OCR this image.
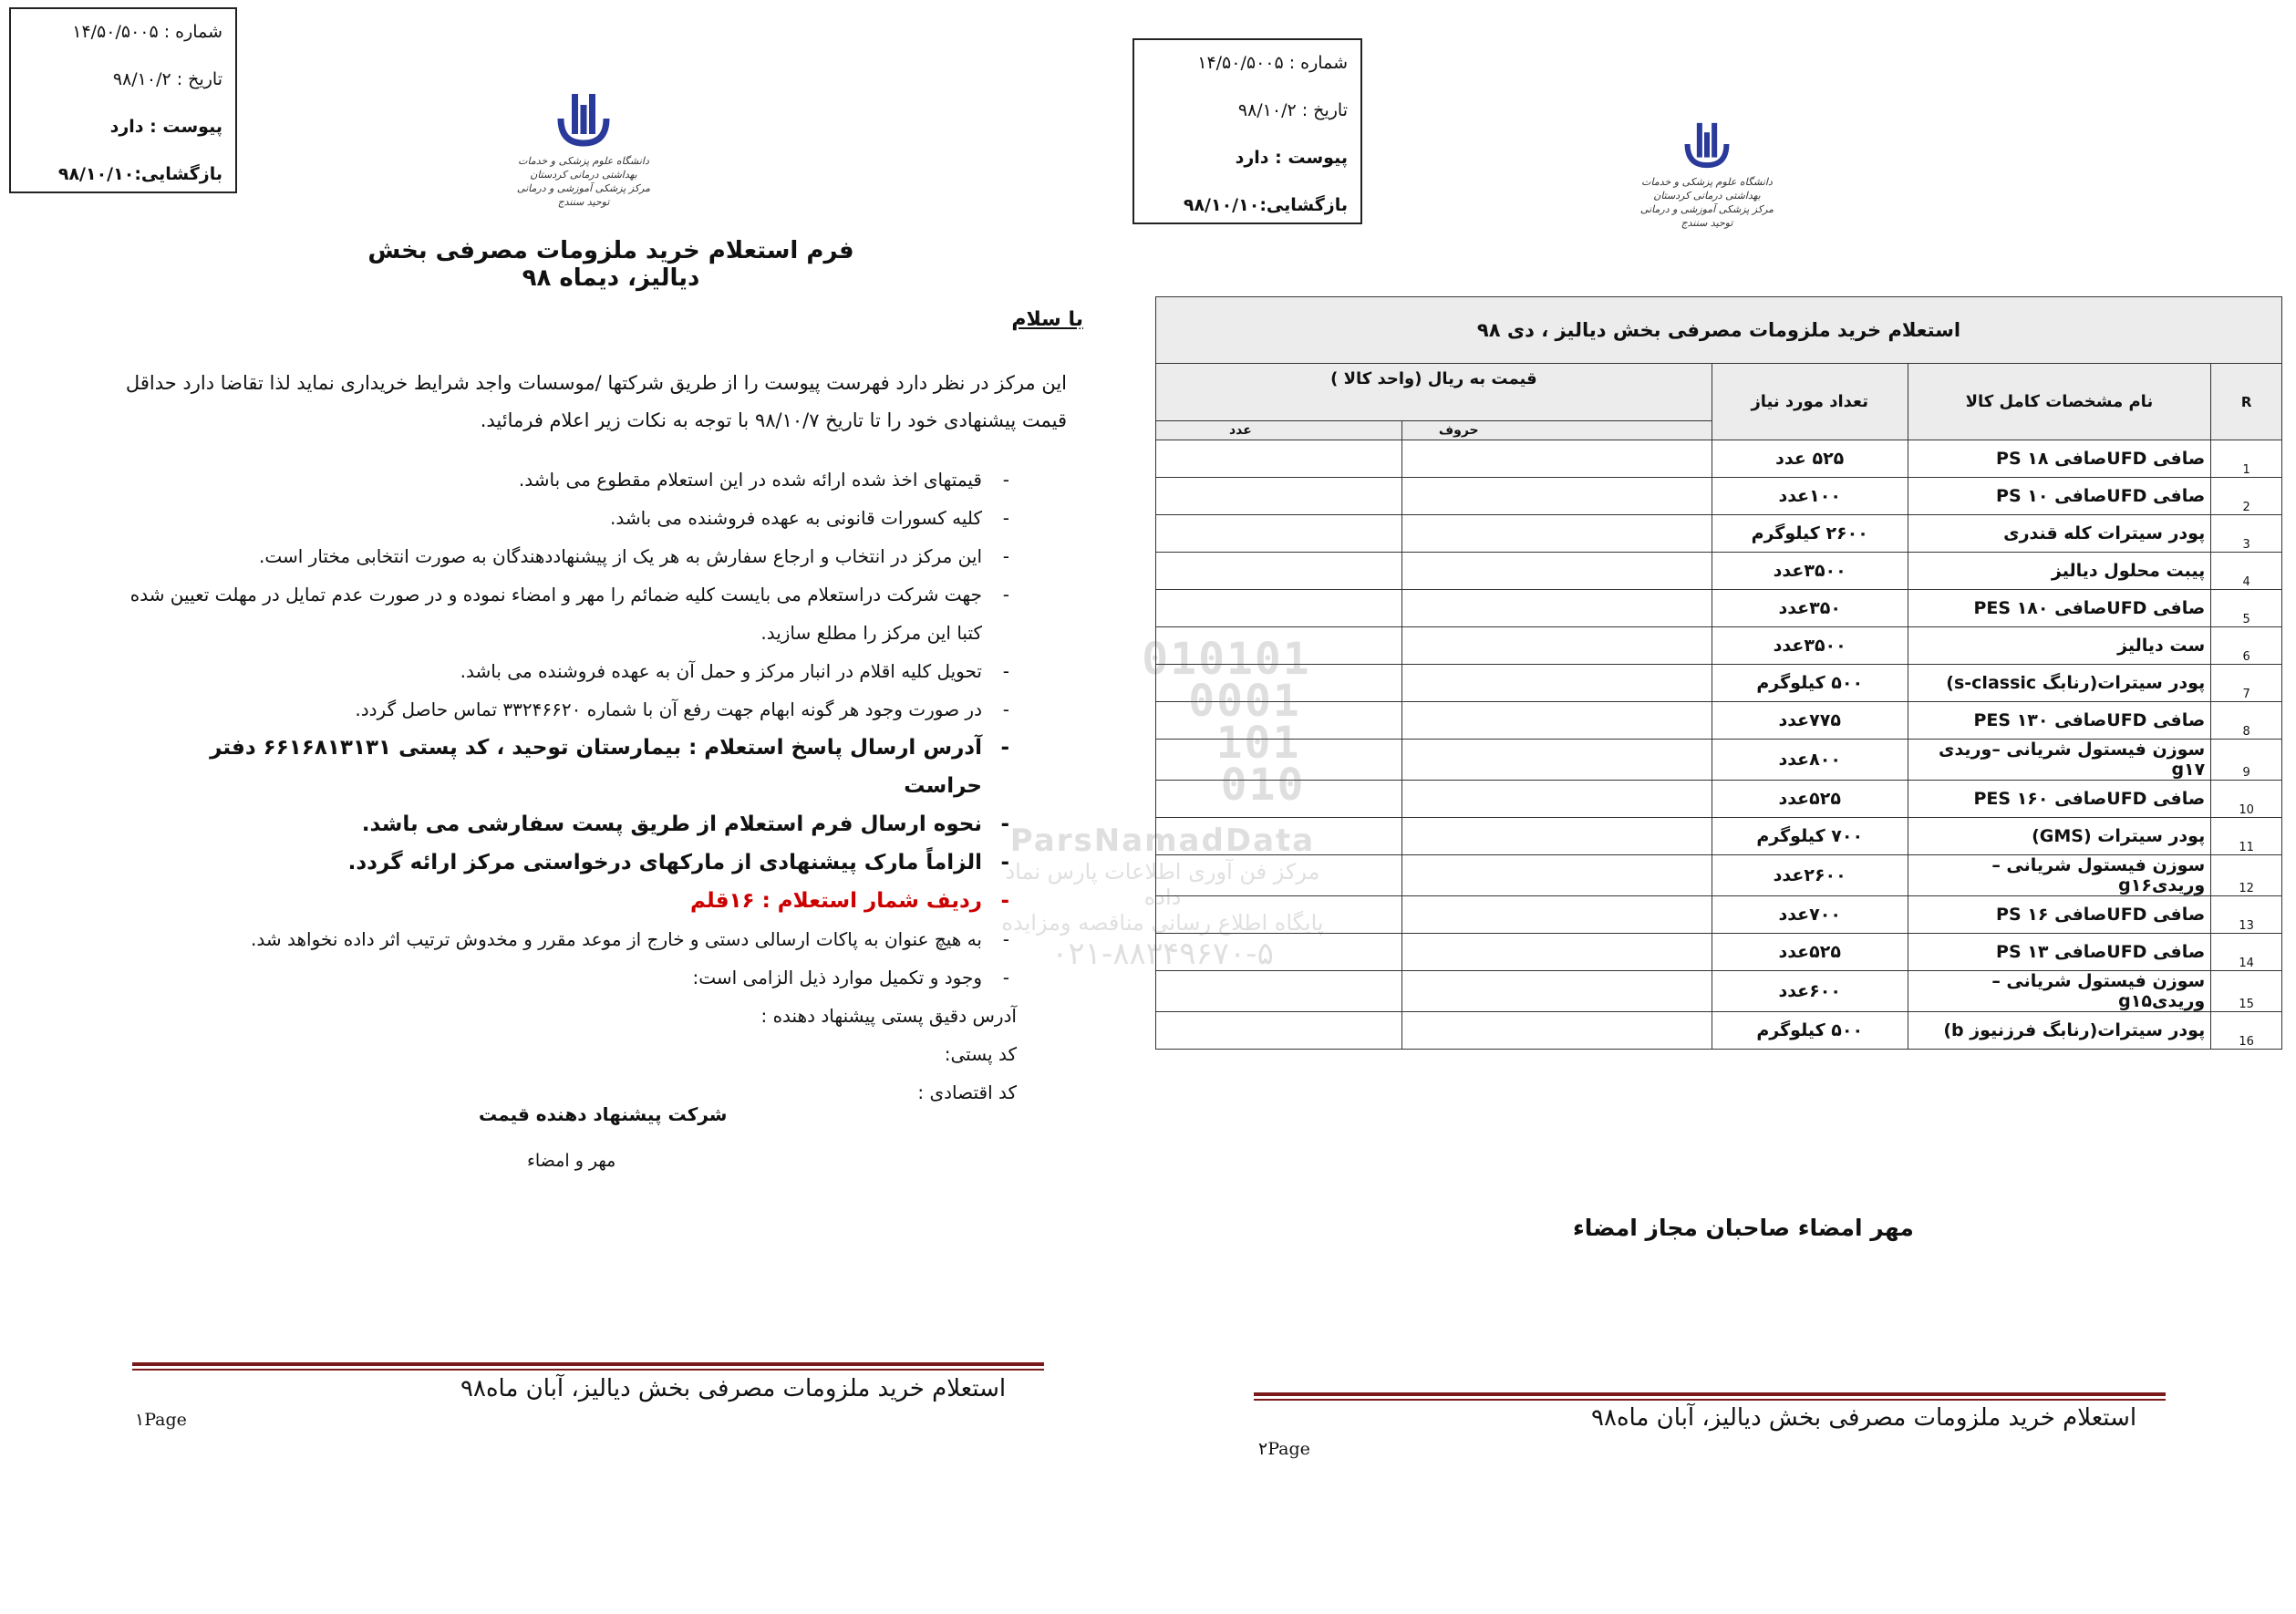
شماره : ۱۴/۵۰/۵۰۰۵
تاریخ : ۹۸/۱۰/۲
پیوست : دارد
بازگشایی:۹۸/۱۰/۱۰
دانشگاه علوم پزشکی و خدمات بهداشتی درمانی کردستان
مرکز پزشکی آموزشی و درمانی توحید سنندج
فرم استعلام خرید ملزومات مصرفی بخش دیالیز، دیماه ۹۸
با سلام
این مرکز در نظر دارد فهرست پیوست را از طریق شرکتها /موسسات واجد شرایط خریداری نماید لذا تقاضا دارد حداقل قیمت پیشنهادی خود را تا تاریخ ۹۸/۱۰/۷ با توجه به نکات زیر اعلام فرمائید.
- قیمتهای اخذ شده ارائه شده در این استعلام مقطوع می باشد.
- کلیه کسورات قانونی به عهده فروشنده می باشد.
- این مرکز در انتخاب و ارجاع سفارش به هر یک از پیشنهاددهندگان به صورت انتخابی مختار است.
- جهت شرکت دراستعلام می بایست کلیه ضمائم را مهر و امضاء نموده و در صورت عدم تمایل در مهلت تعیین شده کتبا این مرکز را مطلع سازید.
- تحویل کلیه اقلام در انبار مرکز و حمل آن به عهده فروشنده می باشد.
- در صورت وجود هر گونه ابهام جهت رفع آن با شماره ۳۳۲۴۶۶۲۰ تماس حاصل گردد.
- آدرس ارسال پاسخ استعلام : بیمارستان توحید ، کد پستی ۶۶۱۶۸۱۳۱۳۱ دفتر حراست
- نحوه ارسال فرم استعلام از طریق پست سفارشی می باشد.
- الزاماً مارک پیشنهادی از مارکهای درخواستی مرکز ارائه گردد.
- ردیف شمار استعلام : ۱۶قلم
- به هیچ عنوان به پاکات ارسالی دستی و خارج از موعد مقرر و مخدوش ترتیب اثر داده نخواهد شد.
- وجود و تکمیل موارد ذیل الزامی است:
آدرس دقیق پستی پیشنهاد دهنده :
کد پستی:
کد اقتصادی :
شرکت پیشنهاد دهنده قیمت
مهر و امضاء
استعلام خرید ملزومات مصرفی بخش دیالیز، آبان ماه۹۸
۱Page
شماره : ۱۴/۵۰/۵۰۰۵
تاریخ : ۹۸/۱۰/۲
پیوست : دارد
بازگشایی:۹۸/۱۰/۱۰
دانشگاه علوم پزشکی و خدمات بهداشتی درمانی کردستان
مرکز پزشکی آموزشی و درمانی توحید سنندج
استعلام خرید ملزومات مصرفی بخش دیالیز ، دی ۹۸				
R	نام مشخصات کامل کالا	تعداد مورد نیاز	قیمت به ریال (واحد کالا )	
			حروف	عدد
1	صافی UFDصافی ۱۸ PS	۵۲۵ عدد		
2	صافی UFDصافی ۱۰ PS	۱۰۰عدد		
3	پودر سیترات کله قندری	۲۶۰۰ کیلوگرم		
4	پیبت محلول دیالیز	۳۵۰۰عدد		
5	صافی UFDصافی ۱۸۰ PES	۳۵۰عدد		
6	ست دیالیز	۳۵۰۰عدد		
7	پودر سیترات(رنابگ s-classic)	۵۰۰ کیلوگرم		
8	صافی UFDصافی ۱۳۰ PES	۷۷۵عدد		
9	سوزن فیستول شریانی –وریدی g۱۷	۸۰۰عدد		
10	صافی UFDصافی ۱۶۰ PES	۵۲۵عدد		
11	پودر سیترات (GMS)	۷۰۰ کیلوگرم		
12	سوزن فیستول شریانی –وریدیg۱۶	۲۶۰۰عدد		
13	صافی UFDصافی ۱۶ PS	۷۰۰عدد		
14	صافی UFDصافی ۱۳ PS	۵۲۵عدد		
15	سوزن فیستول شریانی –وریدیg۱۵	۶۰۰عدد		
16	پودر سیترات(رنابگ فرزنیوز b)	۵۰۰ کیلوگرم		
مهر امضاء صاحبان مجاز امضاء
استعلام خرید ملزومات مصرفی بخش دیالیز، آبان ماه۹۸
۲Page
010101
0001
101
010
ParsNamadData
مرکز فن آوری اطلاعات پارس نماد داده
پایگاه اطلاع رسانی مناقصه ومزایده
۰۲۱-۸۸۳۴۹۶۷۰-۵
